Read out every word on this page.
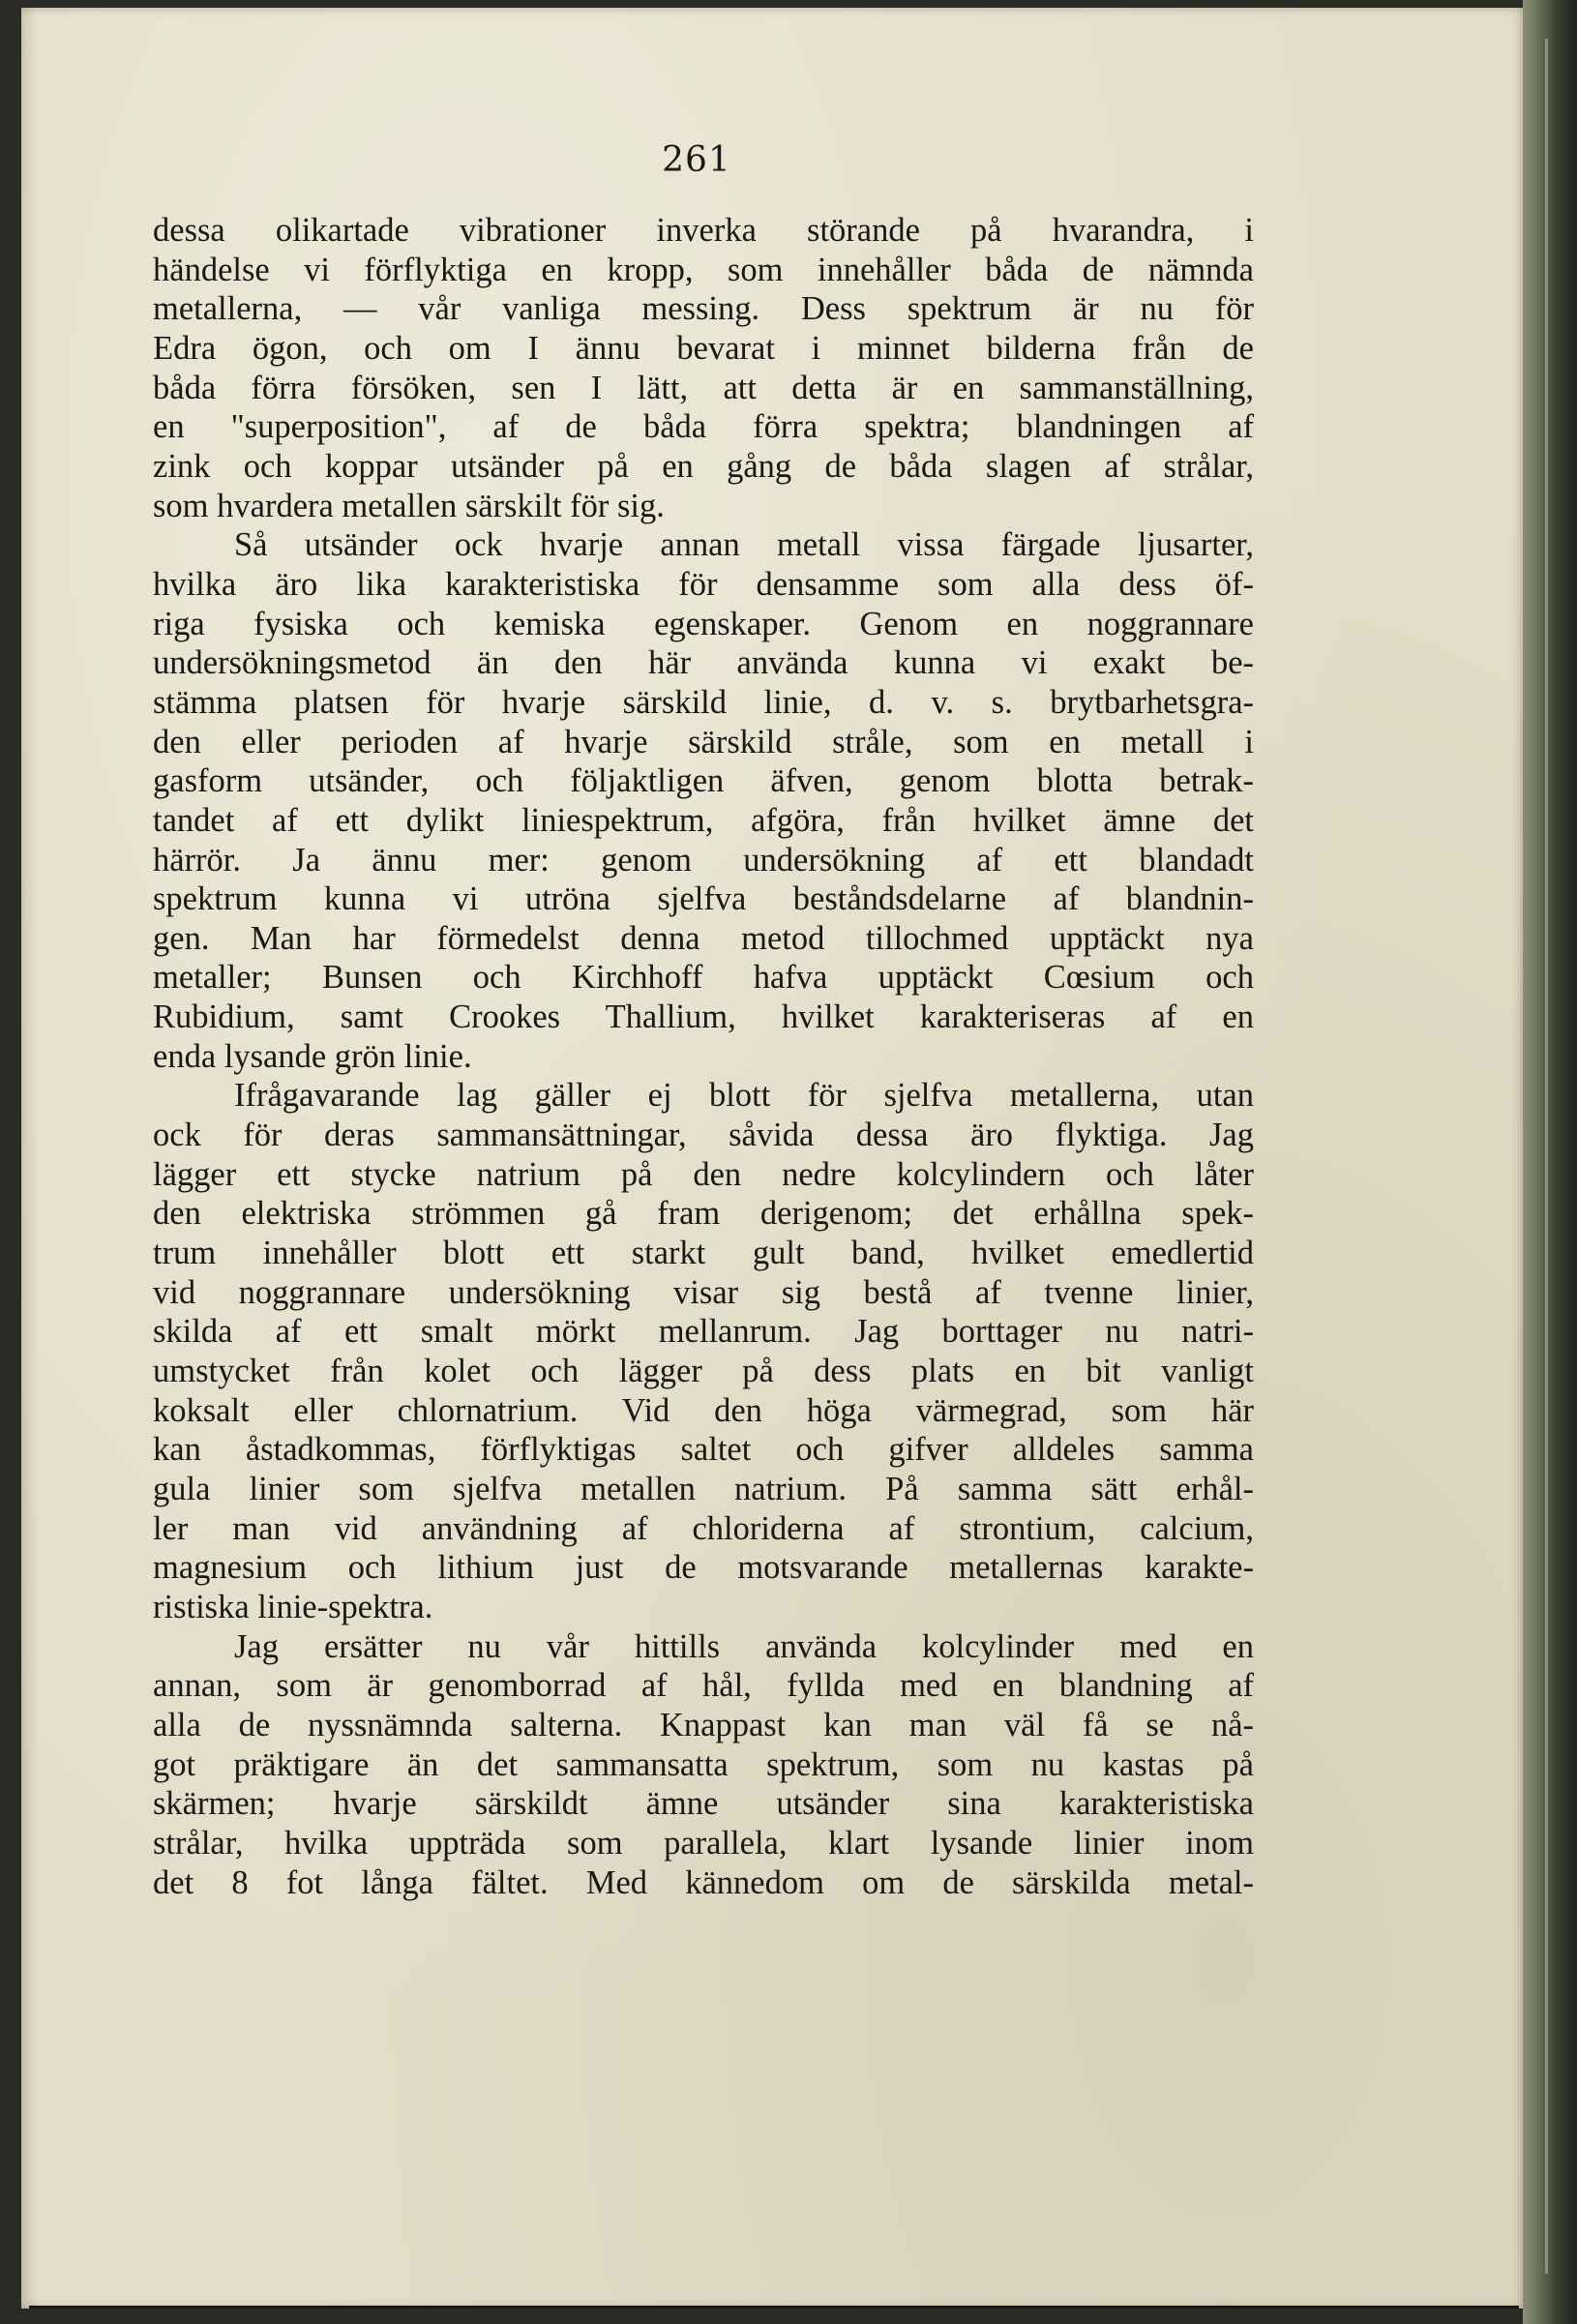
261
dessa olikartade vibrationer inverka störande på hvarandra, i
händelse vi förflyktiga en kropp, som innehåller båda de nämnda
metallerna, — vår vanliga messing. Dess spektrum är nu för
Edra ögon, och om I ännu bevarat i minnet bilderna från de
båda förra försöken, sen I lätt, att detta är en sammanställning,
en "superposition", af de båda förra spektra; blandningen af
zink och koppar utsänder på en gång de båda slagen af strålar,
som hvardera metallen särskilt för sig.
Så utsänder ock hvarje annan metall vissa färgade ljusarter,
hvilka äro lika karakteristiska för densamme som alla dess öf-
riga fysiska och kemiska egenskaper. Genom en noggrannare
undersökningsmetod än den här använda kunna vi exakt be-
stämma platsen för hvarje särskild linie, d. v. s. brytbarhetsgra-
den eller perioden af hvarje särskild stråle, som en metall i
gasform utsänder, och följaktligen äfven, genom blotta betrak-
tandet af ett dylikt liniespektrum, afgöra, från hvilket ämne det
härrör. Ja ännu mer: genom undersökning af ett blandadt
spektrum kunna vi utröna sjelfva beståndsdelarne af blandnin-
gen. Man har förmedelst denna metod tillochmed upptäckt nya
metaller; Bunsen och Kirchhoff hafva upptäckt Cœsium och
Rubidium, samt Crookes Thallium, hvilket karakteriseras af en
enda lysande grön linie.
Ifrågavarande lag gäller ej blott för sjelfva metallerna, utan
ock för deras sammansättningar, såvida dessa äro flyktiga. Jag
lägger ett stycke natrium på den nedre kolcylindern och låter
den elektriska strömmen gå fram derigenom; det erhållna spek-
trum innehåller blott ett starkt gult band, hvilket emedlertid
vid noggrannare undersökning visar sig bestå af tvenne linier,
skilda af ett smalt mörkt mellanrum. Jag borttager nu natri-
umstycket från kolet och lägger på dess plats en bit vanligt
koksalt eller chlornatrium. Vid den höga värmegrad, som här
kan åstadkommas, förflyktigas saltet och gifver alldeles samma
gula linier som sjelfva metallen natrium. På samma sätt erhål-
ler man vid användning af chloriderna af strontium, calcium,
magnesium och lithium just de motsvarande metallernas karakte-
ristiska linie-spektra.
Jag ersätter nu vår hittills använda kolcylinder med en
annan, som är genomborrad af hål, fyllda med en blandning af
alla de nyssnämnda salterna. Knappast kan man väl få se nå-
got präktigare än det sammansatta spektrum, som nu kastas på
skärmen; hvarje särskildt ämne utsänder sina karakteristiska
strålar, hvilka uppträda som parallela, klart lysande linier inom
det 8 fot långa fältet. Med kännedom om de särskilda metal-
